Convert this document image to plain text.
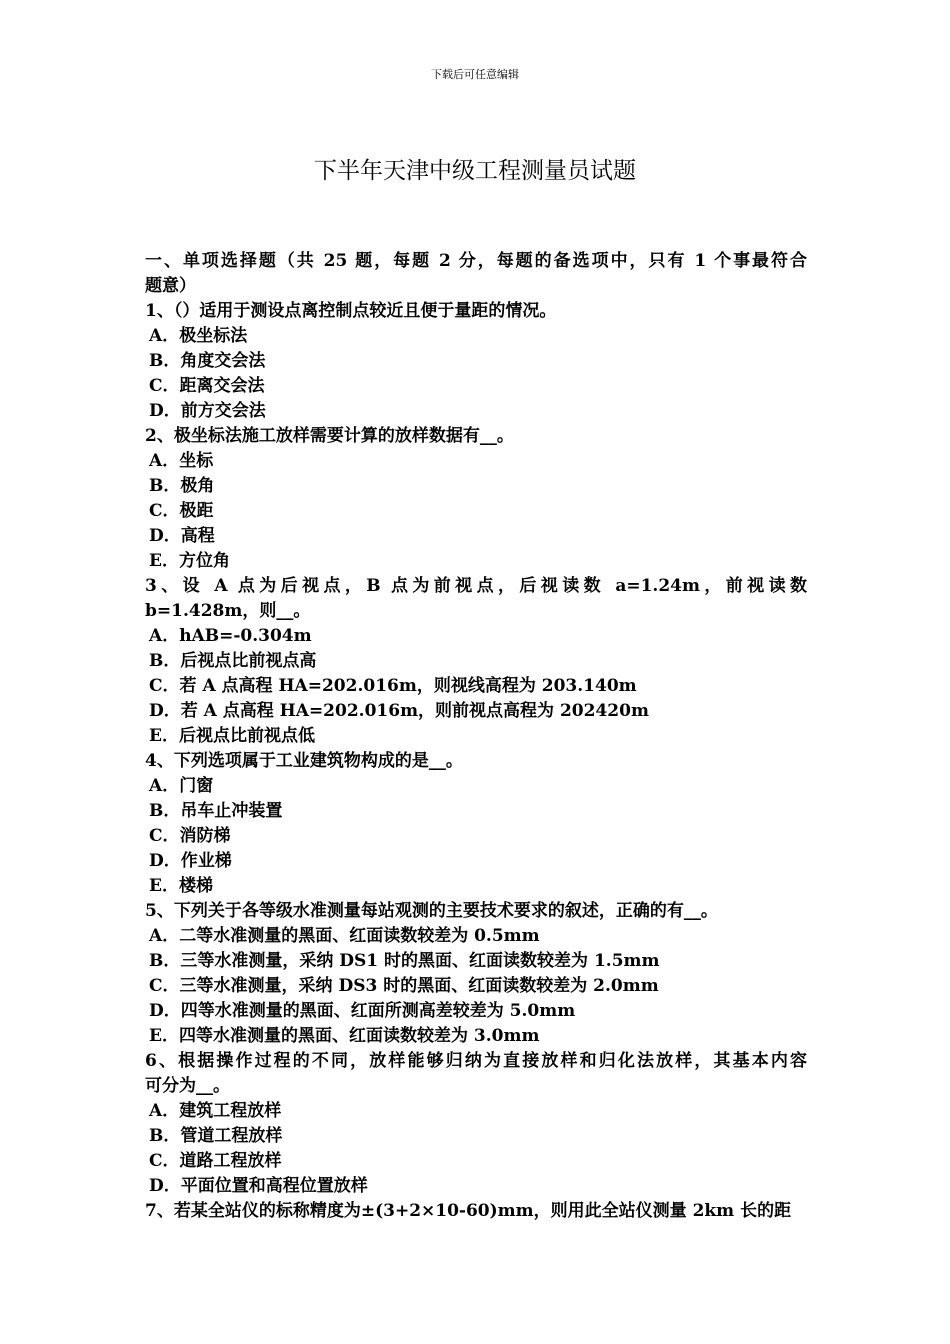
下载后可任意编辑
下半年天津中级工程测量员试题
一、单项选择题（共 25 题，每题 2 分，每题的备选项中，只有 1 个事最符合
题意）
1、（）适用于测设点离控制点较近且便于量距的情况。
A．极坐标法
B．角度交会法
C．距离交会法
D．前方交会法
2、极坐标法施工放样需要计算的放样数据有__。
A．坐标
B．极角
C．极距
D．高程
E．方位角
3、设 A 点为后视点，B 点为前视点，后视读数 a=1.24m，前视读数
b=1.428m，则__。
A．hAB=-0.304m
B．后视点比前视点高
C．若 A 点高程 HA=202.016m，则视线高程为 203.140m
D．若 A 点高程 HA=202.016m，则前视点高程为 202420m
E．后视点比前视点低
4、下列选项属于工业建筑物构成的是__。
A．门窗
B．吊车止冲装置
C．消防梯
D．作业梯
E．楼梯
5、下列关于各等级水准测量每站观测的主要技术要求的叙述，正确的有__。
A．二等水准测量的黑面、红面读数较差为 0.5mm
B．三等水准测量，采纳 DS1 时的黑面、红面读数较差为 1.5mm
C．三等水准测量，采纳 DS3 时的黑面、红面读数较差为 2.0mm
D．四等水准测量的黑面、红面所测高差较差为 5.0mm
E．四等水准测量的黑面、红面读数较差为 3.0mm
6、根据操作过程的不同，放样能够归纳为直接放样和归化法放样，其基本内容
可分为__。
A．建筑工程放样
B．管道工程放样
C．道路工程放样
D．平面位置和高程位置放样
7、若某全站仪的标称精度为±(3+2×10-60)mm，则用此全站仪测量 2km 长的距
